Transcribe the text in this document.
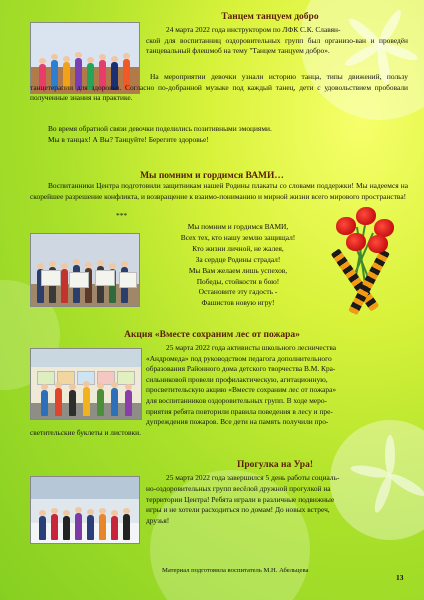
Танцем танцуем добро

24 марта 2022 года инструктором по ЛФК С.К. Славян-

ской для воспитанниц оздоровительных групп был организо-ван и проведён танцевальный флешмоб на тему "Танцем танцуем добро».

На мероприятии девочки узнали историю танца, типы движений, пользу танцетерапии для здоровья. Согласно по-добранной музыке под каждый танец, дети с удовольствием пробовали полученные знания на практике.

Во время обратной связи девочки поделились позитивными эмоциями.

Мы в танцах! А Вы? Танцуйте! Берегите здоровье!

Мы помним и гордимся ВАМИ…

Воспитанники Центра подготовили защитникам нашей Родины плакаты со словами поддержки! Мы надеемся на скорейшее разрешение конфликта, и возвращение к взаимо-пониманию и мирной жизни всего мирового пространства!

***
Мы помним и гордимся ВАМИ,
Всех тех, кто нашу землю защищал!
Кто жизни личной, не жалея,
За сердце Родины страдал!
Мы Вам желаем лишь успехов,
Победы, стойкости в бою!
Остановите эту гадость -
Фашистов новую игру!
Акция «Вместе сохраним лес от пожара»

25 марта 2022 года активисты школьного лесничества

«Андромеда» под руководством педагога дополнительного

образования Районного дома детского творчества В.М. Кра-

сильниковой провели профилактическую, агитационную,

просветительскую акцию «Вместе сохраним лес от пожара»

для воспитанников оздоровительных групп. В ходе меро-

приятия ребята повторили правила поведения в лесу и пре-

дупреждения пожаров. Все дети на память получили про-

светительские буклеты и листовки.

Прогулка на Ура!

25 марта 2022 года завершился 5 день работы социаль-

но-оздоровительных групп весёлой дружной прогулкой на

территории Центра! Ребята играли в различные подвижные

игры и не хотели расходиться по домам! До новых встреч,

друзья!

Материал подготовила воспитатель М.Н. Абельцева
13
